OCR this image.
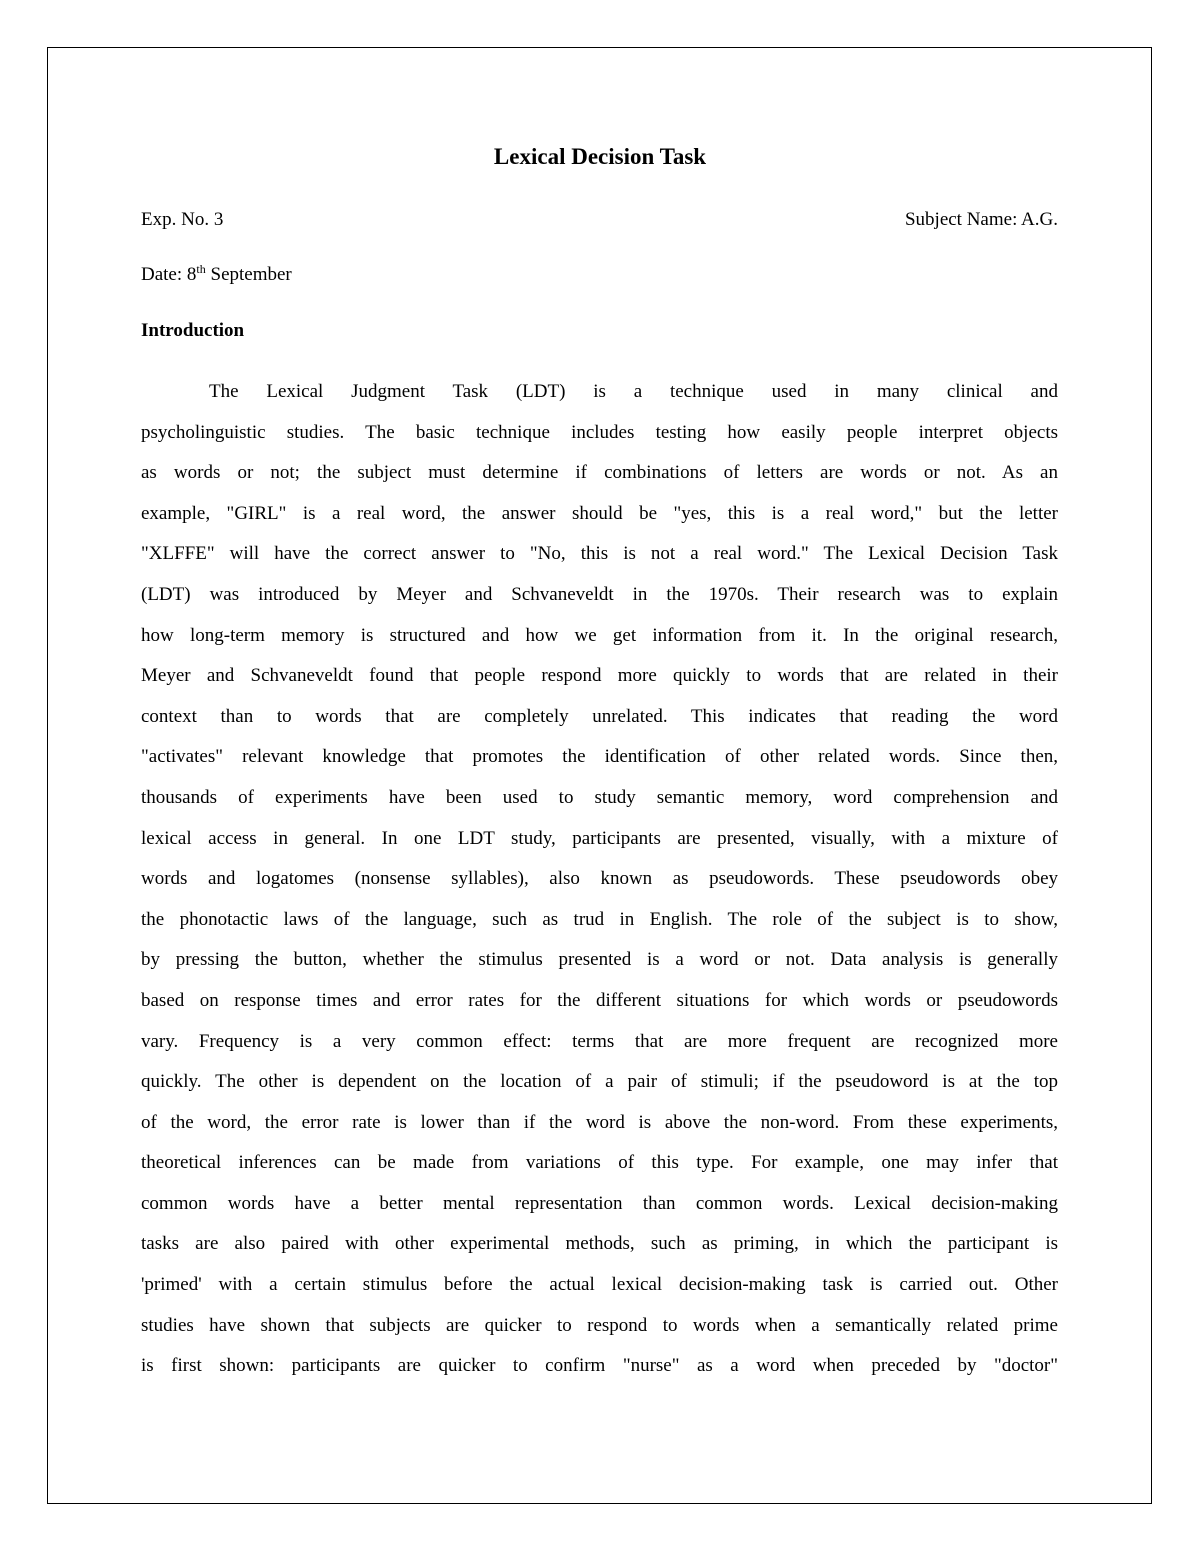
Lexical Decision Task
Exp. No. 3	Subject Name: A.G.
Date: 8th September
Introduction
The Lexical Judgment Task (LDT) is a technique used in many clinical and
psycholinguistic studies. The basic technique includes testing how easily people interpret objects
as words or not; the subject must determine if combinations of letters are words or not. As an
example, "GIRL" is a real word, the answer should be "yes, this is a real word," but the letter
"XLFFE" will have the correct answer to "No, this is not a real word." The Lexical Decision Task
(LDT) was introduced by Meyer and Schvaneveldt in the 1970s. Their research was to explain
how long-term memory is structured and how we get information from it. In the original research,
Meyer and Schvaneveldt found that people respond more quickly to words that are related in their
context than to words that are completely unrelated. This indicates that reading the word
"activates" relevant knowledge that promotes the identification of other related words. Since then,
thousands of experiments have been used to study semantic memory, word comprehension and
lexical access in general. In one LDT study, participants are presented, visually, with a mixture of
words and logatomes (nonsense syllables), also known as pseudowords. These pseudowords obey
the phonotactic laws of the language, such as trud in English. The role of the subject is to show,
by pressing the button, whether the stimulus presented is a word or not. Data analysis is generally
based on response times and error rates for the different situations for which words or pseudowords
vary. Frequency is a very common effect: terms that are more frequent are recognized more
quickly. The other is dependent on the location of a pair of stimuli; if the pseudoword is at the top
of the word, the error rate is lower than if the word is above the non-word. From these experiments,
theoretical inferences can be made from variations of this type. For example, one may infer that
common words have a better mental representation than common words. Lexical decision-making
tasks are also paired with other experimental methods, such as priming, in which the participant is
'primed' with a certain stimulus before the actual lexical decision-making task is carried out. Other
studies have shown that subjects are quicker to respond to words when a semantically related prime
is first shown: participants are quicker to confirm "nurse" as a word when preceded by "doctor"
